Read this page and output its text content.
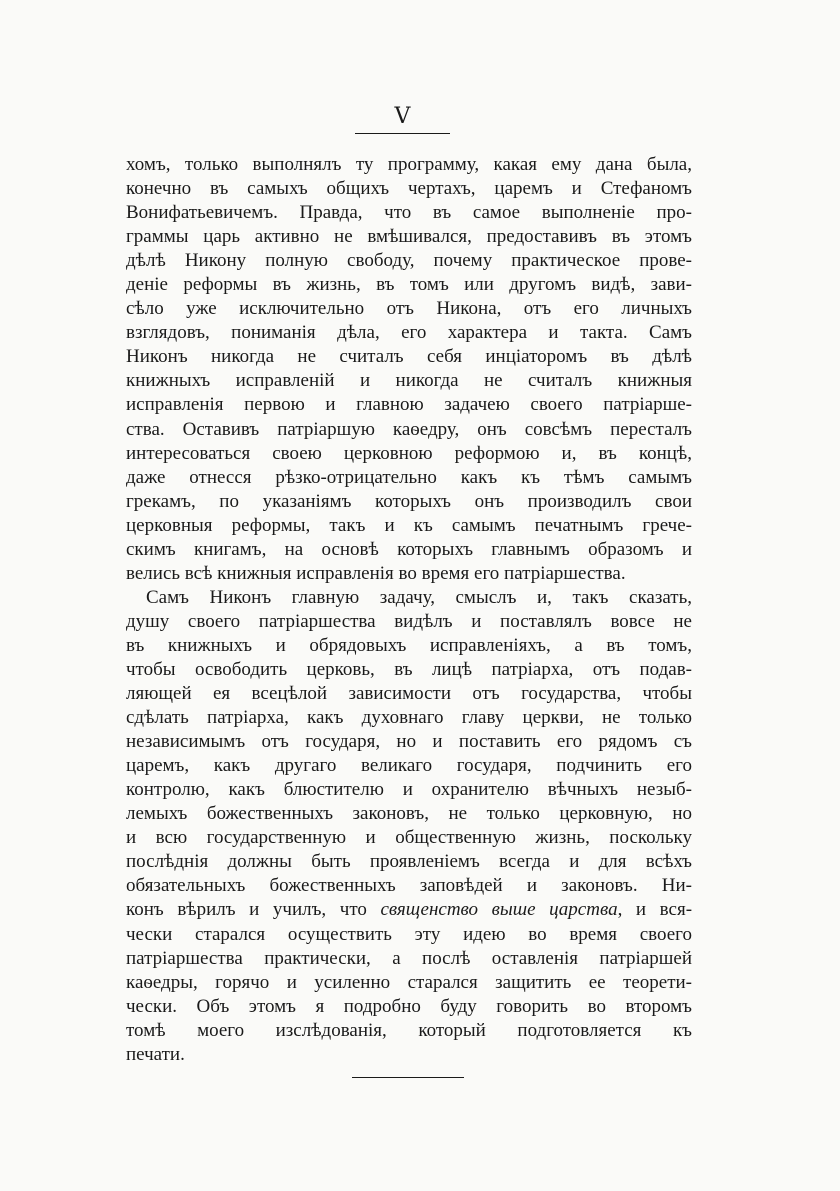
V
хомъ, только выполнялъ ту программу, какая ему дана была,
конечно въ самыхъ общихъ чертахъ, царемъ и Стефаномъ
Вонифатьевичемъ. Правда, что въ самое выполненіе про-
граммы царь активно не вмѣшивался, предоставивъ въ этомъ
дѣлѣ Никону полную свободу, почему практическое прове-
деніе реформы въ жизнь, въ томъ или другомъ видѣ, зави-
сѣло уже исключительно отъ Никона, отъ его личныхъ
взглядовъ, пониманія дѣла, его характера и такта. Самъ
Никонъ никогда не считалъ себя инціаторомъ въ дѣлѣ
книжныхъ исправленій и никогда не считалъ книжныя
исправленія первою и главною задачею своего патріарше-
ства. Оставивъ патріаршую каѳедру, онъ совсѣмъ пересталъ
интересоваться своею церковною реформою и, въ концѣ,
даже отнесся рѣзко-отрицательно какъ къ тѣмъ самымъ
грекамъ, по указаніямъ которыхъ онъ производилъ свои
церковныя реформы, такъ и къ самымъ печатнымъ грече-
скимъ книгамъ, на основѣ которыхъ главнымъ образомъ и
велись всѣ книжныя исправленія во время его патріаршества.
Самъ Никонъ главную задачу, смыслъ и, такъ сказать,
душу своего патріаршества видѣлъ и поставлялъ вовсе не
въ книжныхъ и обрядовыхъ исправленіяхъ, а въ томъ,
чтобы освободить церковь, въ лицѣ патріарха, отъ подав-
ляющей ея всецѣлой зависимости отъ государства, чтобы
сдѣлать патріарха, какъ духовнаго главу церкви, не только
независимымъ отъ государя, но и поставить его рядомъ съ
царемъ, какъ другаго великаго государя, подчинить его
контролю, какъ блюстителю и охранителю вѣчныхъ незыб-
лемыхъ божественныхъ законовъ, не только церковную, но
и всю государственную и общественную жизнь, поскольку
послѣднія должны быть проявленіемъ всегда и для всѣхъ
обязательныхъ божественныхъ заповѣдей и законовъ. Ни-
конъ вѣрилъ и училъ, что священство выше царства, и вся-
чески старался осуществить эту идею во время своего
патріаршества практически, а послѣ оставленія патріаршей
каѳедры, горячо и усиленно старался защитить ее теорети-
чески. Объ этомъ я подробно буду говорить во второмъ
томѣ моего изслѣдованія, который подготовляется къ
печати.
